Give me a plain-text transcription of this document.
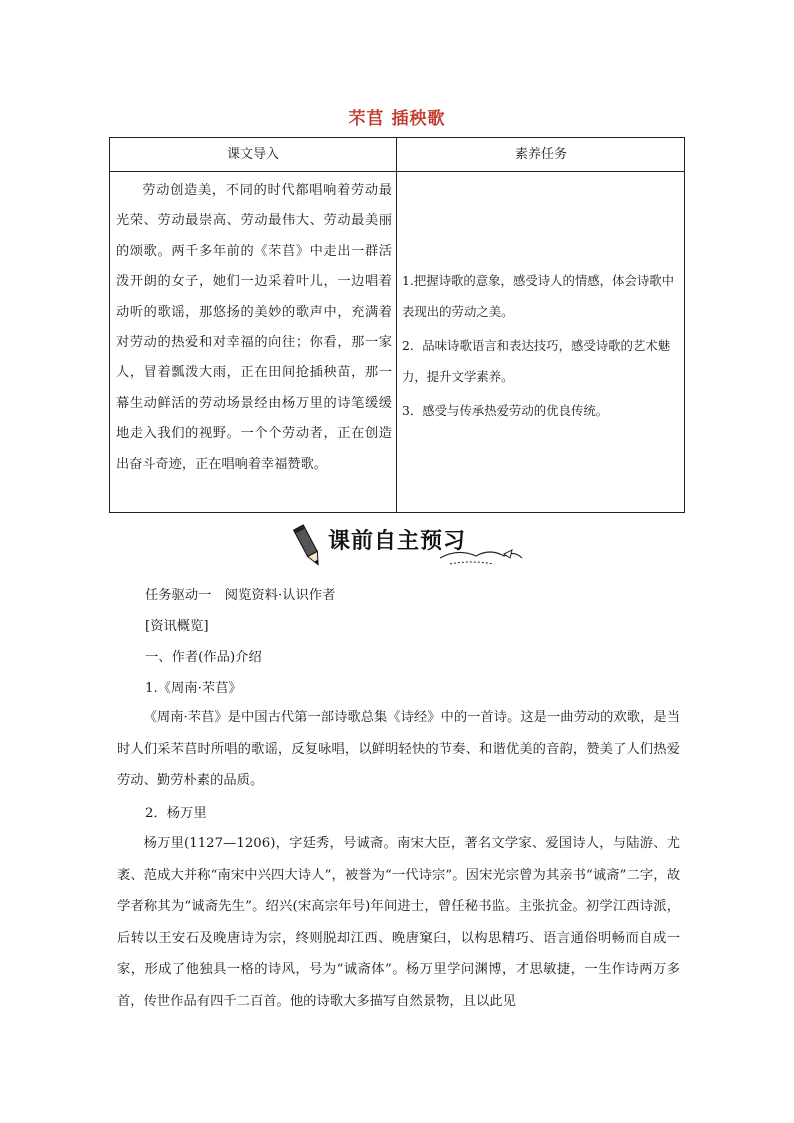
芣苢 插秧歌
课文导入	素养任务

劳动创造美，不同的时代都唱响着劳动最光荣、劳动最崇高、劳动最伟大、劳动最美丽的颂歌。两千多年前的《芣苢》中走出一群活泼开朗的女子，她们一边采着叶儿，一边唱着动听的歌谣，那悠扬的美妙的歌声中，充满着对劳动的热爱和对幸福的向往；你看，那一家人，冒着瓢泼大雨，正在田间抢插秧苗，那一幕生动鲜活的劳动场景经由杨万里的诗笔缓缓地走入我们的视野。一个个劳动者，正在创造出奋斗奇迹，正在唱响着幸福赞歌。

1.把握诗歌的意象，感受诗人的情感，体会诗歌中表现出的劳动之美。

2．品味诗歌语言和表达技巧，感受诗歌的艺术魅力，提升文学素养。

3．感受与传承热爱劳动的优良传统。

课前自主预习
任务驱动一　阅览资料·认识作者
[资讯概览]
一、作者(作品)介绍
1.《周南·芣苢》

《周南·芣苢》是中国古代第一部诗歌总集《诗经》中的一首诗。这是一曲劳动的欢歌，是当时人们采芣苢时所唱的歌谣，反复咏唱，以鲜明轻快的节奏、和谐优美的音韵，赞美了人们热爱劳动、勤劳朴素的品质。

2．杨万里

杨万里(1127—1206)，字廷秀，号诚斋。南宋大臣，著名文学家、爱国诗人，与陆游、尤袤、范成大并称“南宋中兴四大诗人”，被誉为“一代诗宗”。因宋光宗曾为其亲书“诚斋”二字，故学者称其为“诚斋先生”。绍兴(宋高宗年号)年间进士，曾任秘书监。主张抗金。初学江西诗派，后转以王安石及晚唐诗为宗，终则脱却江西、晚唐窠臼，以构思精巧、语言通俗明畅而自成一家，形成了他独具一格的诗风，号为“诚斋体”。杨万里学问渊博，才思敏捷，一生作诗两万多首，传世作品有四千二百首。他的诗歌大多描写自然景物，且以此见
